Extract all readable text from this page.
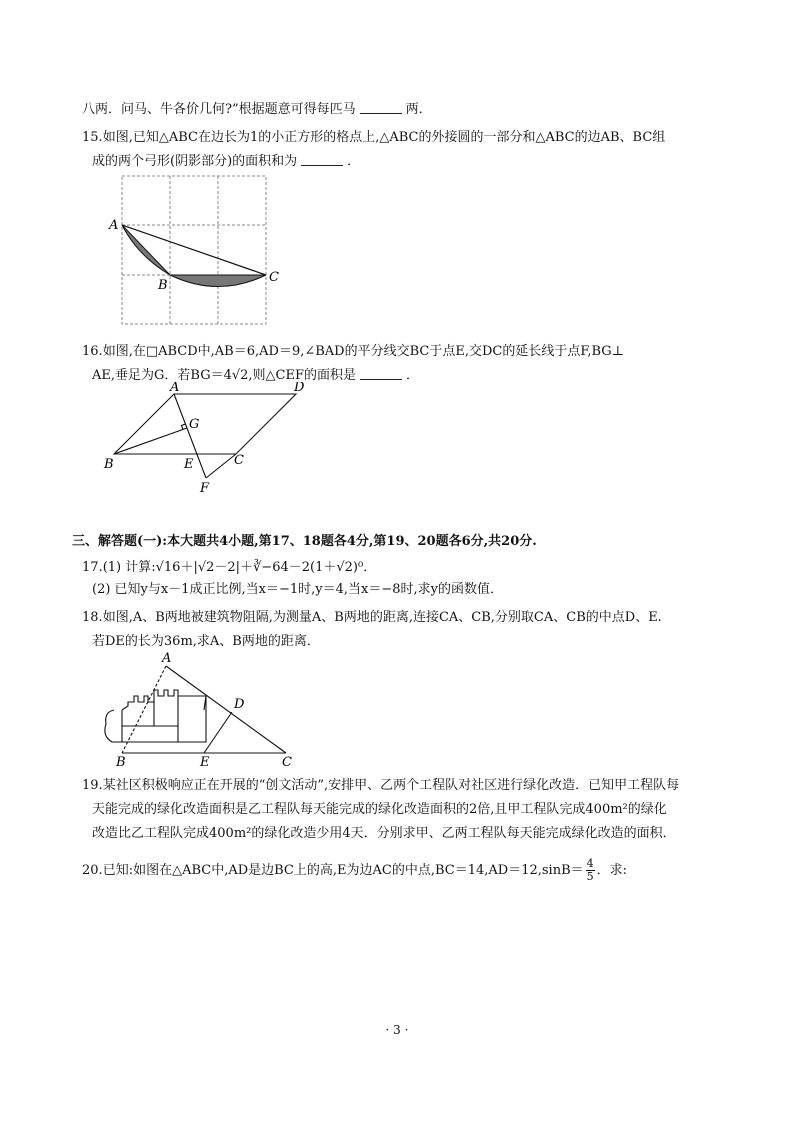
八两．问马、牛各价几何?”根据题意可得每匹马	两．
15.如图,已知△ABC在边长为1的小正方形的格点上,△ABC的外接圆的一部分和△ABC的边AB、BC组
成的两个弓形(阴影部分)的面积和为	．
A
B
C
16.如图,在□ABCD中,AB＝6,AD＝9,∠BAD的平分线交BC于点E,交DC的延长线于点F,BG⊥
AE,垂足为G．若BG＝4√2,则△CEF的面积是	．
A	D
G
B	E	C
F
三、解答题(一):本大题共4小题,第17、18题各4分,第19、20题各6分,共20分.
17.(1) 计算:√16＋|√2－2|＋∛−64－2(1＋√2)⁰．
(2) 已知y与x－1成正比例,当x＝−1时,y＝4,当x＝−8时,求y的函数值．
18.如图,A、B两地被建筑物阻隔,为测量A、B两地的距离,连接CA、CB,分别取CA、CB的中点D、E.
若DE的长为36m,求A、B两地的距离．
A
D
B	E	C
19.某社区积极响应正在开展的“创文活动”,安排甲、乙两个工程队对社区进行绿化改造．已知甲工程队每
天能完成的绿化改造面积是乙工程队每天能完成的绿化改造面积的2倍,且甲工程队完成400m²的绿化
改造比乙工程队完成400m²的绿化改造少用4天．分别求甲、乙两工程队每天能完成绿化改造的面积．
20.已知:如图在△ABC中,AD是边BC上的高,E为边AC的中点$,BC=14,AD=12,\sin B= \frac{4}{5}$ ．求:
· 3 ·
